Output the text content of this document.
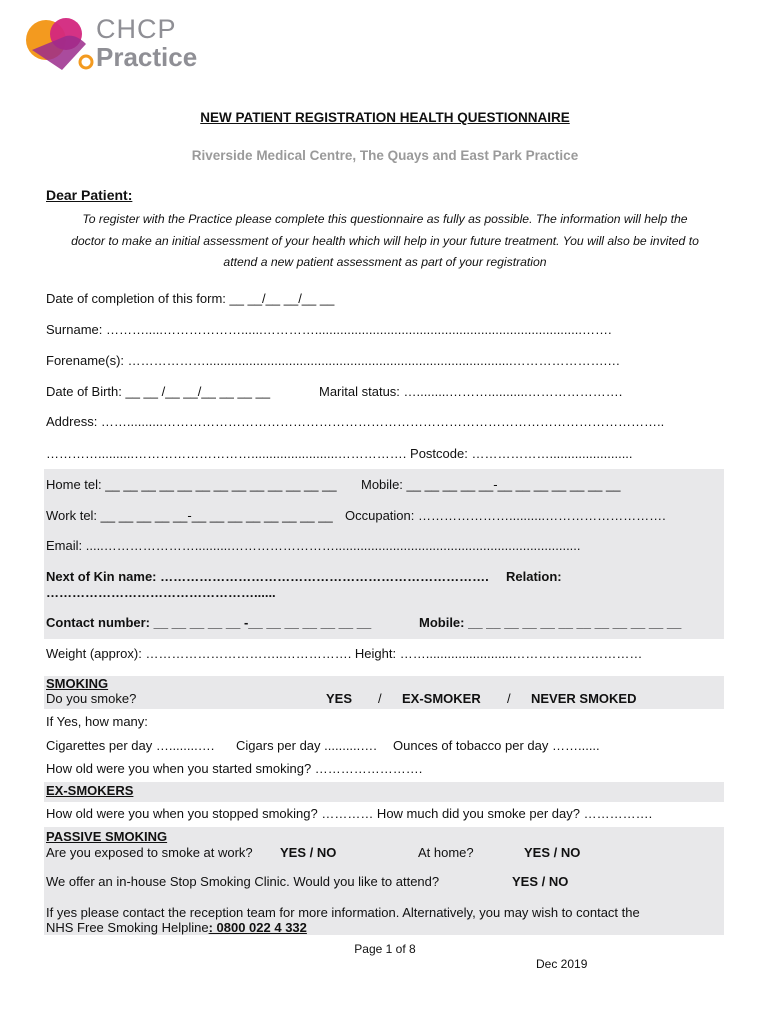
CHCP
Practice
NEW PATIENT REGISTRATION HEALTH QUESTIONNAIRE
Riverside Medical Centre, The Quays and East Park Practice
Dear Patient:
To register with the Practice please complete this questionnaire as fully as possible. The information will help the
doctor to make an initial assessment of your health which will help in your future treatment. You will also be invited to
attend a new patient assessment as part of your registration
Date of completion of this form: __ __/__ __/__ __
Surname: ……….....………………......…………..........................................................................…….
Forename(s): ……………….....................................................................................………………….…
Date of Birth: __ __ /__ __/__ __ __ __	Marital status: ….........………...........………………….
Address: ……..........……………………………………………………………………………………………………..
…………..........………………………........................……………. Postcode: ……………….......................
Home tel: __ __ __ __ __ __ __ __ __ __ __ __ __ Mobile: __ __ __ __ __-__ __ __ __ __ __ __
Work tel: __ __ __ __ __-__ __ __ __ __ __ __ __ Occupation: …………………..........……………………….
Email: .....…………………..........……………………....................................................................
Next of Kin name: …………………………………………………………………. Relation:
…………………………………………......
Contact number: __ __ __ __ __ -__ __ __ __ __ __ __	Mobile: __ __ __ __ __ __ __ __ __ __ __ __
Weight (approx): …………………………..……………. Height: ……........................…………………………
SMOKING
Do you smoke?	YES / EX-SMOKER / NEVER SMOKED
If Yes, how many:
Cigarettes per day …........…. Cigars per day ..........…. Ounces of tobacco per day ……......
How old were you when you started smoking? …………………….
EX-SMOKERS
How old were you when you stopped smoking? ………… How much did you smoke per day? …………….
PASSIVE SMOKING
Are you exposed to smoke at work? YES / NO	At home?	YES / NO
We offer an in-house Stop Smoking Clinic. Would you like to attend?	YES / NO
If yes please contact the reception team for more information. Alternatively, you may wish to contact the
NHS Free Smoking Helpline: 0800 022 4 332
Page 1 of 8
Dec 2019
